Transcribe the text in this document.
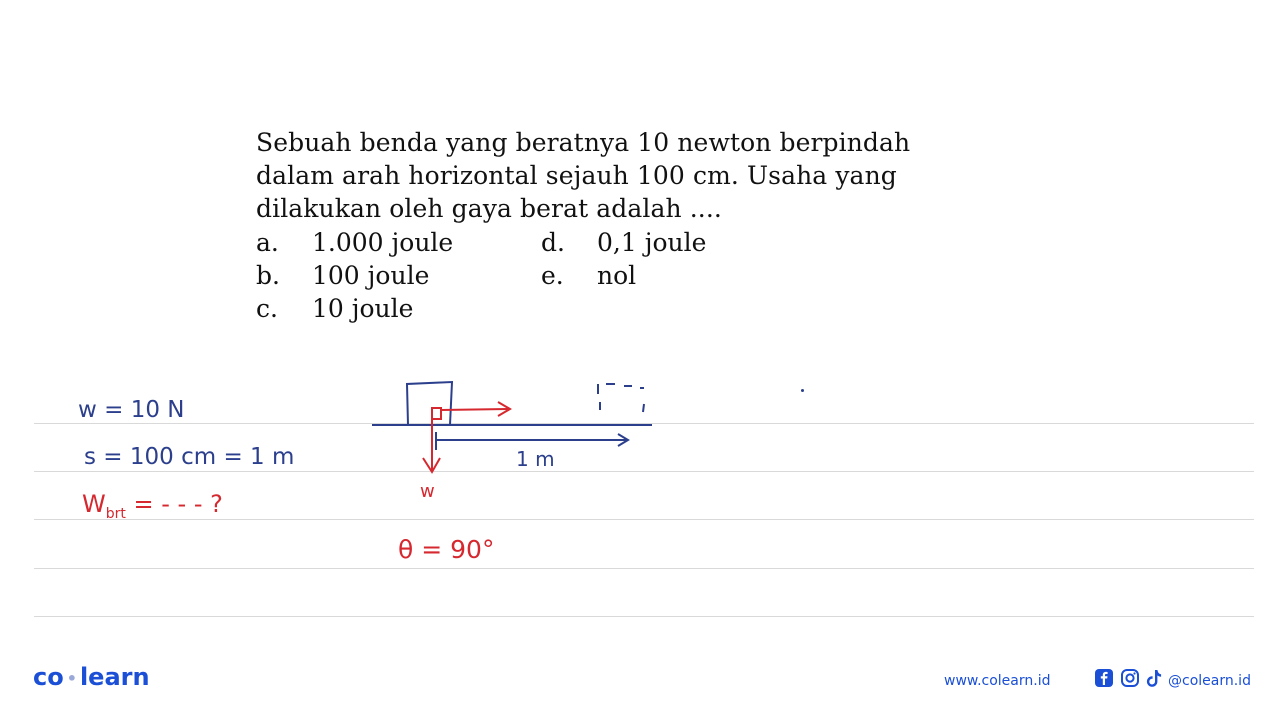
Sebuah benda yang beratnya 10 newton berpindah
dalam arah horizontal sejauh 100 cm. Usaha yang
dilakukan oleh gaya berat adalah ....
a. 1.000 joule
b. 100 joule
c. 10 joule
d. 0,1 joule
e. nol
w = 10 N
s = 100 cm = 1 m
$W_{brt}$ = - - - ?
θ = 90°
1 m
w
co • learn	www.colearn.id	@colearn.id
